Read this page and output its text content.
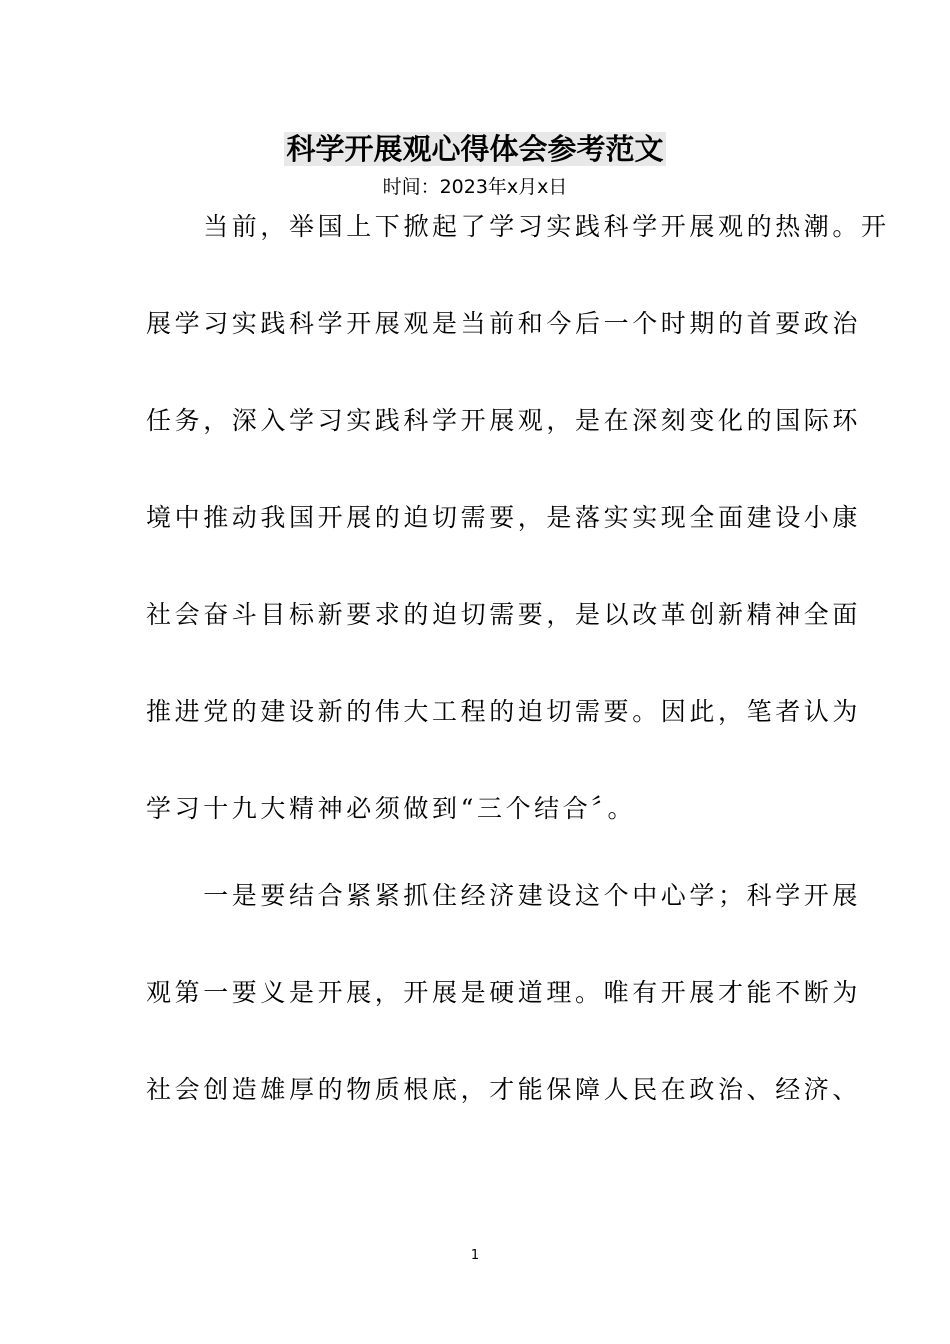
科学开展观心得体会参考范文
时间：2023年x月x日
　　当前，举国上下掀起了学习实践科学开展观的热潮。开
展学习实践科学开展观是当前和今后一个时期的首要政治
任务，深入学习实践科学开展观，是在深刻变化的国际环
境中推动我国开展的迫切需要，是落实实现全面建设小康
社会奋斗目标新要求的迫切需要，是以改革创新精神全面
推进党的建设新的伟大工程的迫切需要。因此，笔者认为
学习十九大精神必须做到“三个结合〞。
　　一是要结合紧紧抓住经济建设这个中心学；科学开展
观第一要义是开展，开展是硬道理。唯有开展才能不断为
社会创造雄厚的物质根底，才能保障人民在政治、经济、
1
